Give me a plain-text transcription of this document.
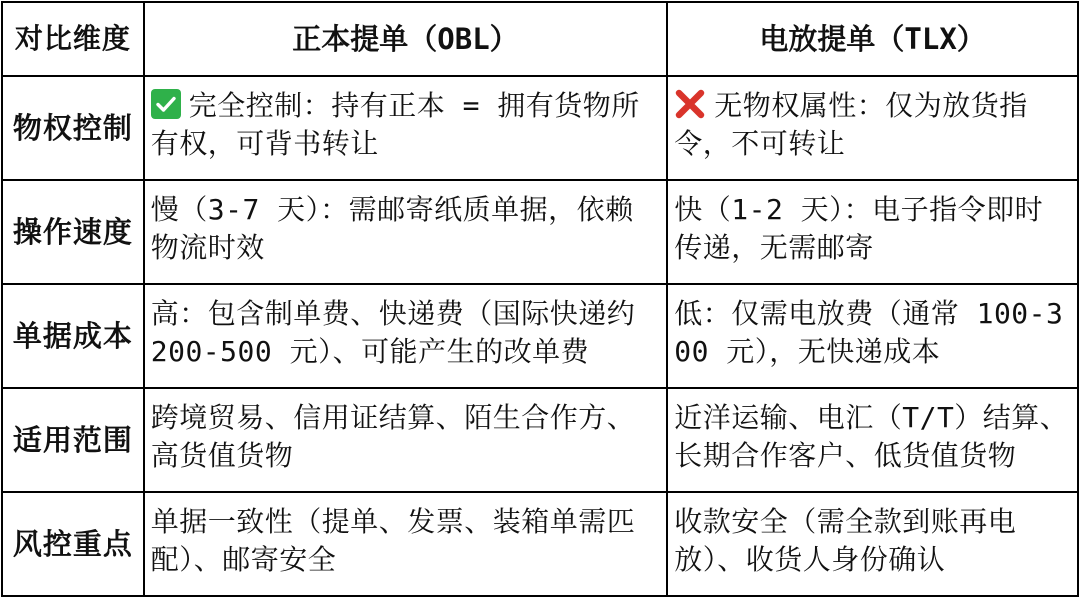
对比维度	正本提单（OBL）	电放提单（TLX）
物权控制	完全控制：持有正本 = 拥有货物所有权，可背书转让	无物权属性：仅为放货指令，不可转让

操作速度	慢（3-7 天）：需邮寄纸质单据，依赖物流时效	快（1-2 天）：电子指令即时传递，无需邮寄

单据成本	高：包含制单费、快递费（国际快递约 200-500 元）、可能产生的改单费	低：仅需电放费（通常 100-300 元），无快递成本

适用范围	跨境贸易、信用证结算、陌生合作方、高货值货物	近洋运输、电汇（T/T）结算、长期合作客户、低货值货物

风控重点	单据一致性（提单、发票、装箱单需匹配）、邮寄安全	收款安全（需全款到账再电放）、收货人身份确认
